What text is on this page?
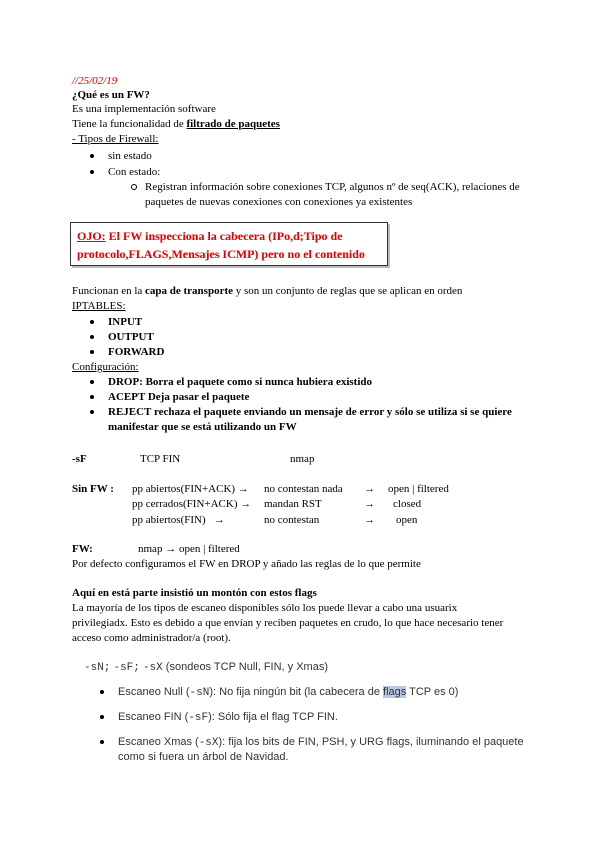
//25/02/19
¿Qué es un FW?
Es una implementación software
Tiene la funcionalidad de filtrado de paquetes
- Tipos de Firewall:
sin estado
Con estado:
Registran información sobre conexiones TCP, algunos nº de seq(ACK), relaciones de
paquetes de nuevas conexiones con conexiones ya existentes
OJO: El FW inspecciona la cabecera (IPo,d;Tipo de
protocolo,FLAGS,Mensajes ICMP) pero no el contenido
Funcionan en la capa de transporte y son un conjunto de reglas que se aplican en orden
IPTABLES:
INPUT
OUTPUT
FORWARD
Configuración:
DROP: Borra el paquete como si nunca hubiera existido
ACEPT Deja pasar el paquete
REJECT rechaza el paquete enviando un mensaje de error y sólo se utiliza si se quiere
manifestar que se está utilizando un FW
-sF	TCP FIN	nmap
Sin FW : pp abiertos(FIN+ACK) → no contestan nada → open | filtered
pp cerrados(FIN+ACK) → mandan RST	→ closed
pp abiertos(FIN)   →	no contestan	→ open
FW:	nmap → open | filtered
Por defecto configuramos el FW en DROP y añado las reglas de lo que permite
Aquí en está parte insistió un montón con estos flags
La mayoría de los tipos de escaneo disponibles sólo los puede llevar a cabo una usuarix
privilegiadx. Esto es debido a que envían y reciben paquetes en crudo, lo que hace necesario tener
acceso como administrador/a (root).
-sN; -sF; -sX (sondeos TCP Null, FIN, y Xmas)
Escaneo Null (-sN): No fija ningún bit (la cabecera de flags TCP es 0)
Escaneo FIN (-sF): Sólo fija el flag TCP FIN.
Escaneo Xmas (-sX): fija los bits de FIN, PSH, y URG flags, iluminando el paquete
como si fuera un árbol de Navidad.
